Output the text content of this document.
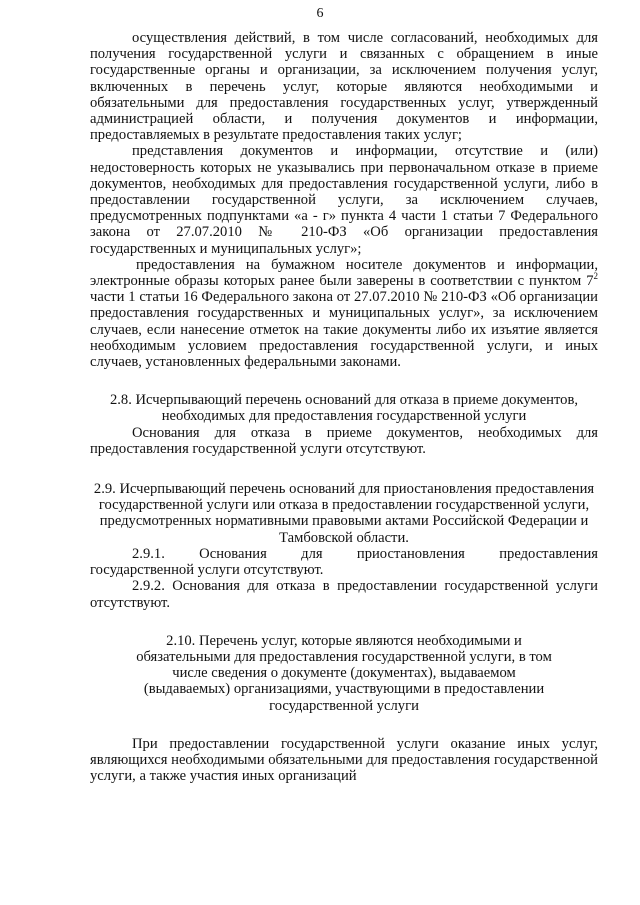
6

осуществления действий, в том числе согласований, необходимых для получения государственной услуги и связанных с обращением в иные государственные органы и организации, за исключением получения услуг, включенных в перечень услуг, которые являются необходимыми и обязательными для предоставления государственных услуг, утвержденный администрацией области, и получения документов и информации, предоставляемых в результате предоставления таких услуг;

представления документов и информации, отсутствие и (или) недостоверность которых не указывались при первоначальном отказе в приеме документов, необходимых для предоставления государственной услуги, либо в предоставлении государственной услуги, за исключением случаев, предусмотренных подпунктами «а - г» пункта 4 части 1 статьи 7 Федерального закона от 27.07.2010 № 210-ФЗ «Об организации предоставления государственных и муниципальных услуг»;

предоставления на бумажном носителе документов и информации, электронные образы которых ранее были заверены в соответствии с пунктом $7^2$ части 1 статьи 16 Федерального закона от 27.07.2010 № 210-ФЗ «Об организации предоставления государственных и муниципальных услуг», за исключением случаев, если нанесение отметок на такие документы либо их изъятие является необходимым условием предоставления государственной услуги, и иных случаев, установленных федеральными законами.

2.8. Исчерпывающий перечень оснований для отказа в приеме документов, необходимых для предоставления государственной услуги

Основания для отказа в приеме документов, необходимых для предоставления государственной услуги отсутствуют.

2.9. Исчерпывающий перечень оснований для приостановления предоставления государственной услуги или отказа в предоставлении государственной услуги, предусмотренных нормативными правовыми актами Российской Федерации и Тамбовской области.

2.9.1. Основания для приостановления предоставления

государственной услуги отсутствуют.

2.9.2. Основания для отказа в предоставлении государственной услуги отсутствуют.

2.10. Перечень услуг, которые являются необходимыми и обязательными для предоставления государственной услуги, в том числе сведения о документе (документах), выдаваемом (выдаваемых) организациями, участвующими в предоставлении государственной услуги

При предоставлении государственной услуги оказание иных услуг, являющихся необходимыми обязательными для предоставления государственной услуги, а также участия иных организаций
